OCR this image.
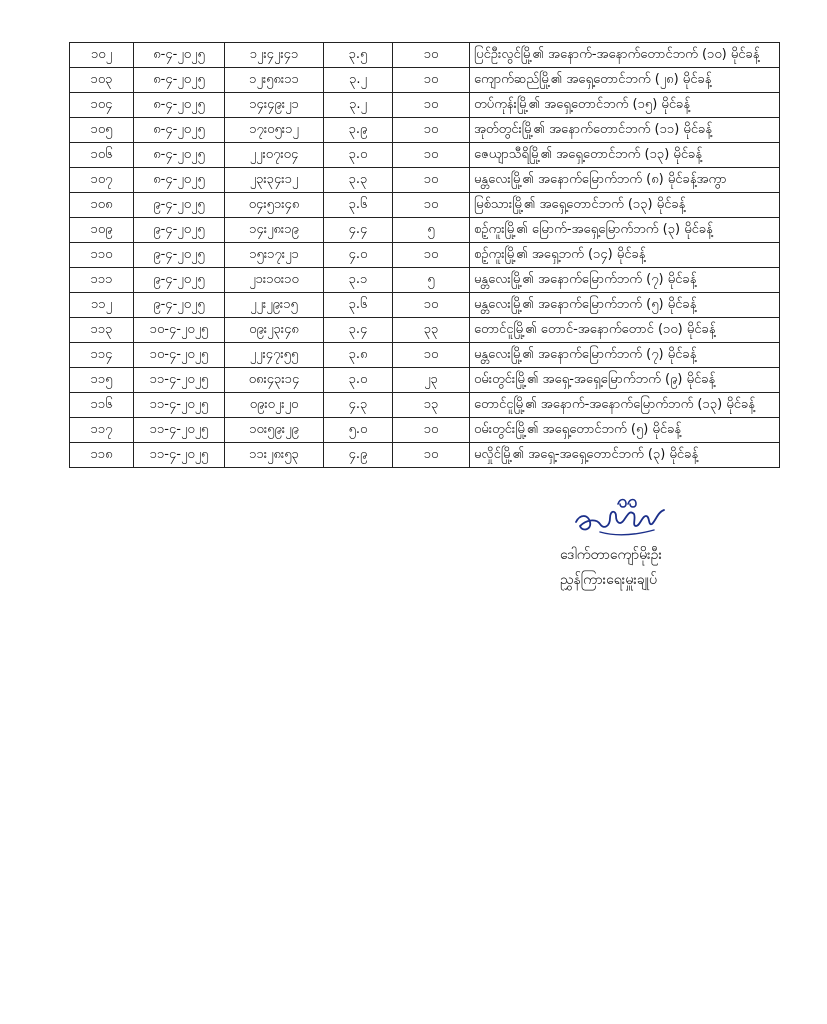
၁၀၂	၈-၄-၂၀၂၅	၁၂း၄၂း၄၁	၃.၅	၁၀	ပြင်ဦးလွင်မြို့၏ အနောက်-အနောက်တောင်ဘက် (၁၀) မိုင်ခန့်
၁၀၃	၈-၄-၂၀၂၅	၁၂း၅၈း၁၁	၃.၂	၁၀	ကျောက်ဆည်မြို့၏ အရှေ့တောင်ဘက် (၂၈) မိုင်ခန့်
၁၀၄	၈-၄-၂၀၂၅	၁၄း၄၉း၂၁	၃.၂	၁၀	တပ်ကုန်းမြို့၏ အရှေ့တောင်ဘက် (၁၅) မိုင်ခန့်
၁၀၅	၈-၄-၂၀၂၅	၁၇း၀၅း၁၂	၃.၉	၁၀	အုတ်တွင်းမြို့၏ အနောက်တောင်ဘက် (၁၁) မိုင်ခန့်
၁၀၆	၈-၄-၂၀၂၅	၂၂း၀၇း၀၄	၃.၀	၁၀	ဇေယျာသီရိမြို့၏ အရှေ့တောင်ဘက် (၁၃) မိုင်ခန့်
၁၀၇	၈-၄-၂၀၂၅	၂၃း၃၄း၁၂	၃.၃	၁၀	မန္တလေးမြို့၏ အနောက်မြောက်ဘက် (၈) မိုင်ခန့်အကွာ
၁၀၈	၉-၄-၂၀၂၅	၀၄း၅၁း၄၈	၃.၆	၁၀	မြစ်သားမြို့၏ အရှေ့တောင်ဘက် (၁၃) မိုင်ခန့်
၁၀၉	၉-၄-၂၀၂၅	၁၄း၂၈း၁၉	၄.၄	၅	စဥ့်ကူးမြို့၏ မြောက်-အရှေ့မြောက်ဘက် (၃) မိုင်ခန့်
၁၁၀	၉-၄-၂၀၂၅	၁၅း၁၇း၂၁	၄.၀	၁၀	စဥ့်ကူးမြို့၏ အရှေ့ဘက် (၁၄) မိုင်ခန့်
၁၁၁	၉-၄-၂၀၂၅	၂၁း၁၀း၁၀	၃.၁	၅	မန္တလေးမြို့၏ အနောက်မြောက်ဘက် (၇) မိုင်ခန့်
၁၁၂	၉-၄-၂၀၂၅	၂၂း၂၉း၁၅	၃.၆	၁၀	မန္တလေးမြို့၏ အနောက်မြောက်ဘက် (၅) မိုင်ခန့်
၁၁၃	၁၀-၄-၂၀၂၅	၀၉း၂၃း၄၈	၃.၄	၃၃	တောင်ငူမြို့၏ တောင်-အနောက်တောင် (၁၀) မိုင်ခန့်
၁၁၄	၁၀-၄-၂၀၂၅	၂၂း၄၇း၅၅	၃.၈	၁၀	မန္တလေးမြို့၏ အနောက်မြောက်ဘက် (၇) မိုင်ခန့်
၁၁၅	၁၁-၄-၂၀၂၅	၀၈း၄၃း၁၄	၃.၀	၂၃	ဝမ်းတွင်းမြို့၏ အရှေ့-အရှေ့မြောက်ဘက် (၉) မိုင်ခန့်
၁၁၆	၁၁-၄-၂၀၂၅	၀၉း၀၂း၂၀	၄.၃	၁၃	တောင်ငူမြို့၏ အနောက်-အနောက်မြောက်ဘက် (၁၃) မိုင်ခန့်
၁၁၇	၁၁-၄-၂၀၂၅	၁၀း၅၉း၂၉	၅.၀	၁၀	ဝမ်းတွင်းမြို့၏ အရှေ့တောင်ဘက် (၅) မိုင်ခန့်
၁၁၈	၁၁-၄-၂၀၂၅	၁၁း၂၈း၅၃	၄.၉	၁၀	မလှိုင်မြို့၏ အရှေ့-အရှေ့တောင်ဘက် (၃) မိုင်ခန့်
ဒေါက်တာကျော်မိုးဦး
ညွှန်ကြားရေးမှူးချုပ်
